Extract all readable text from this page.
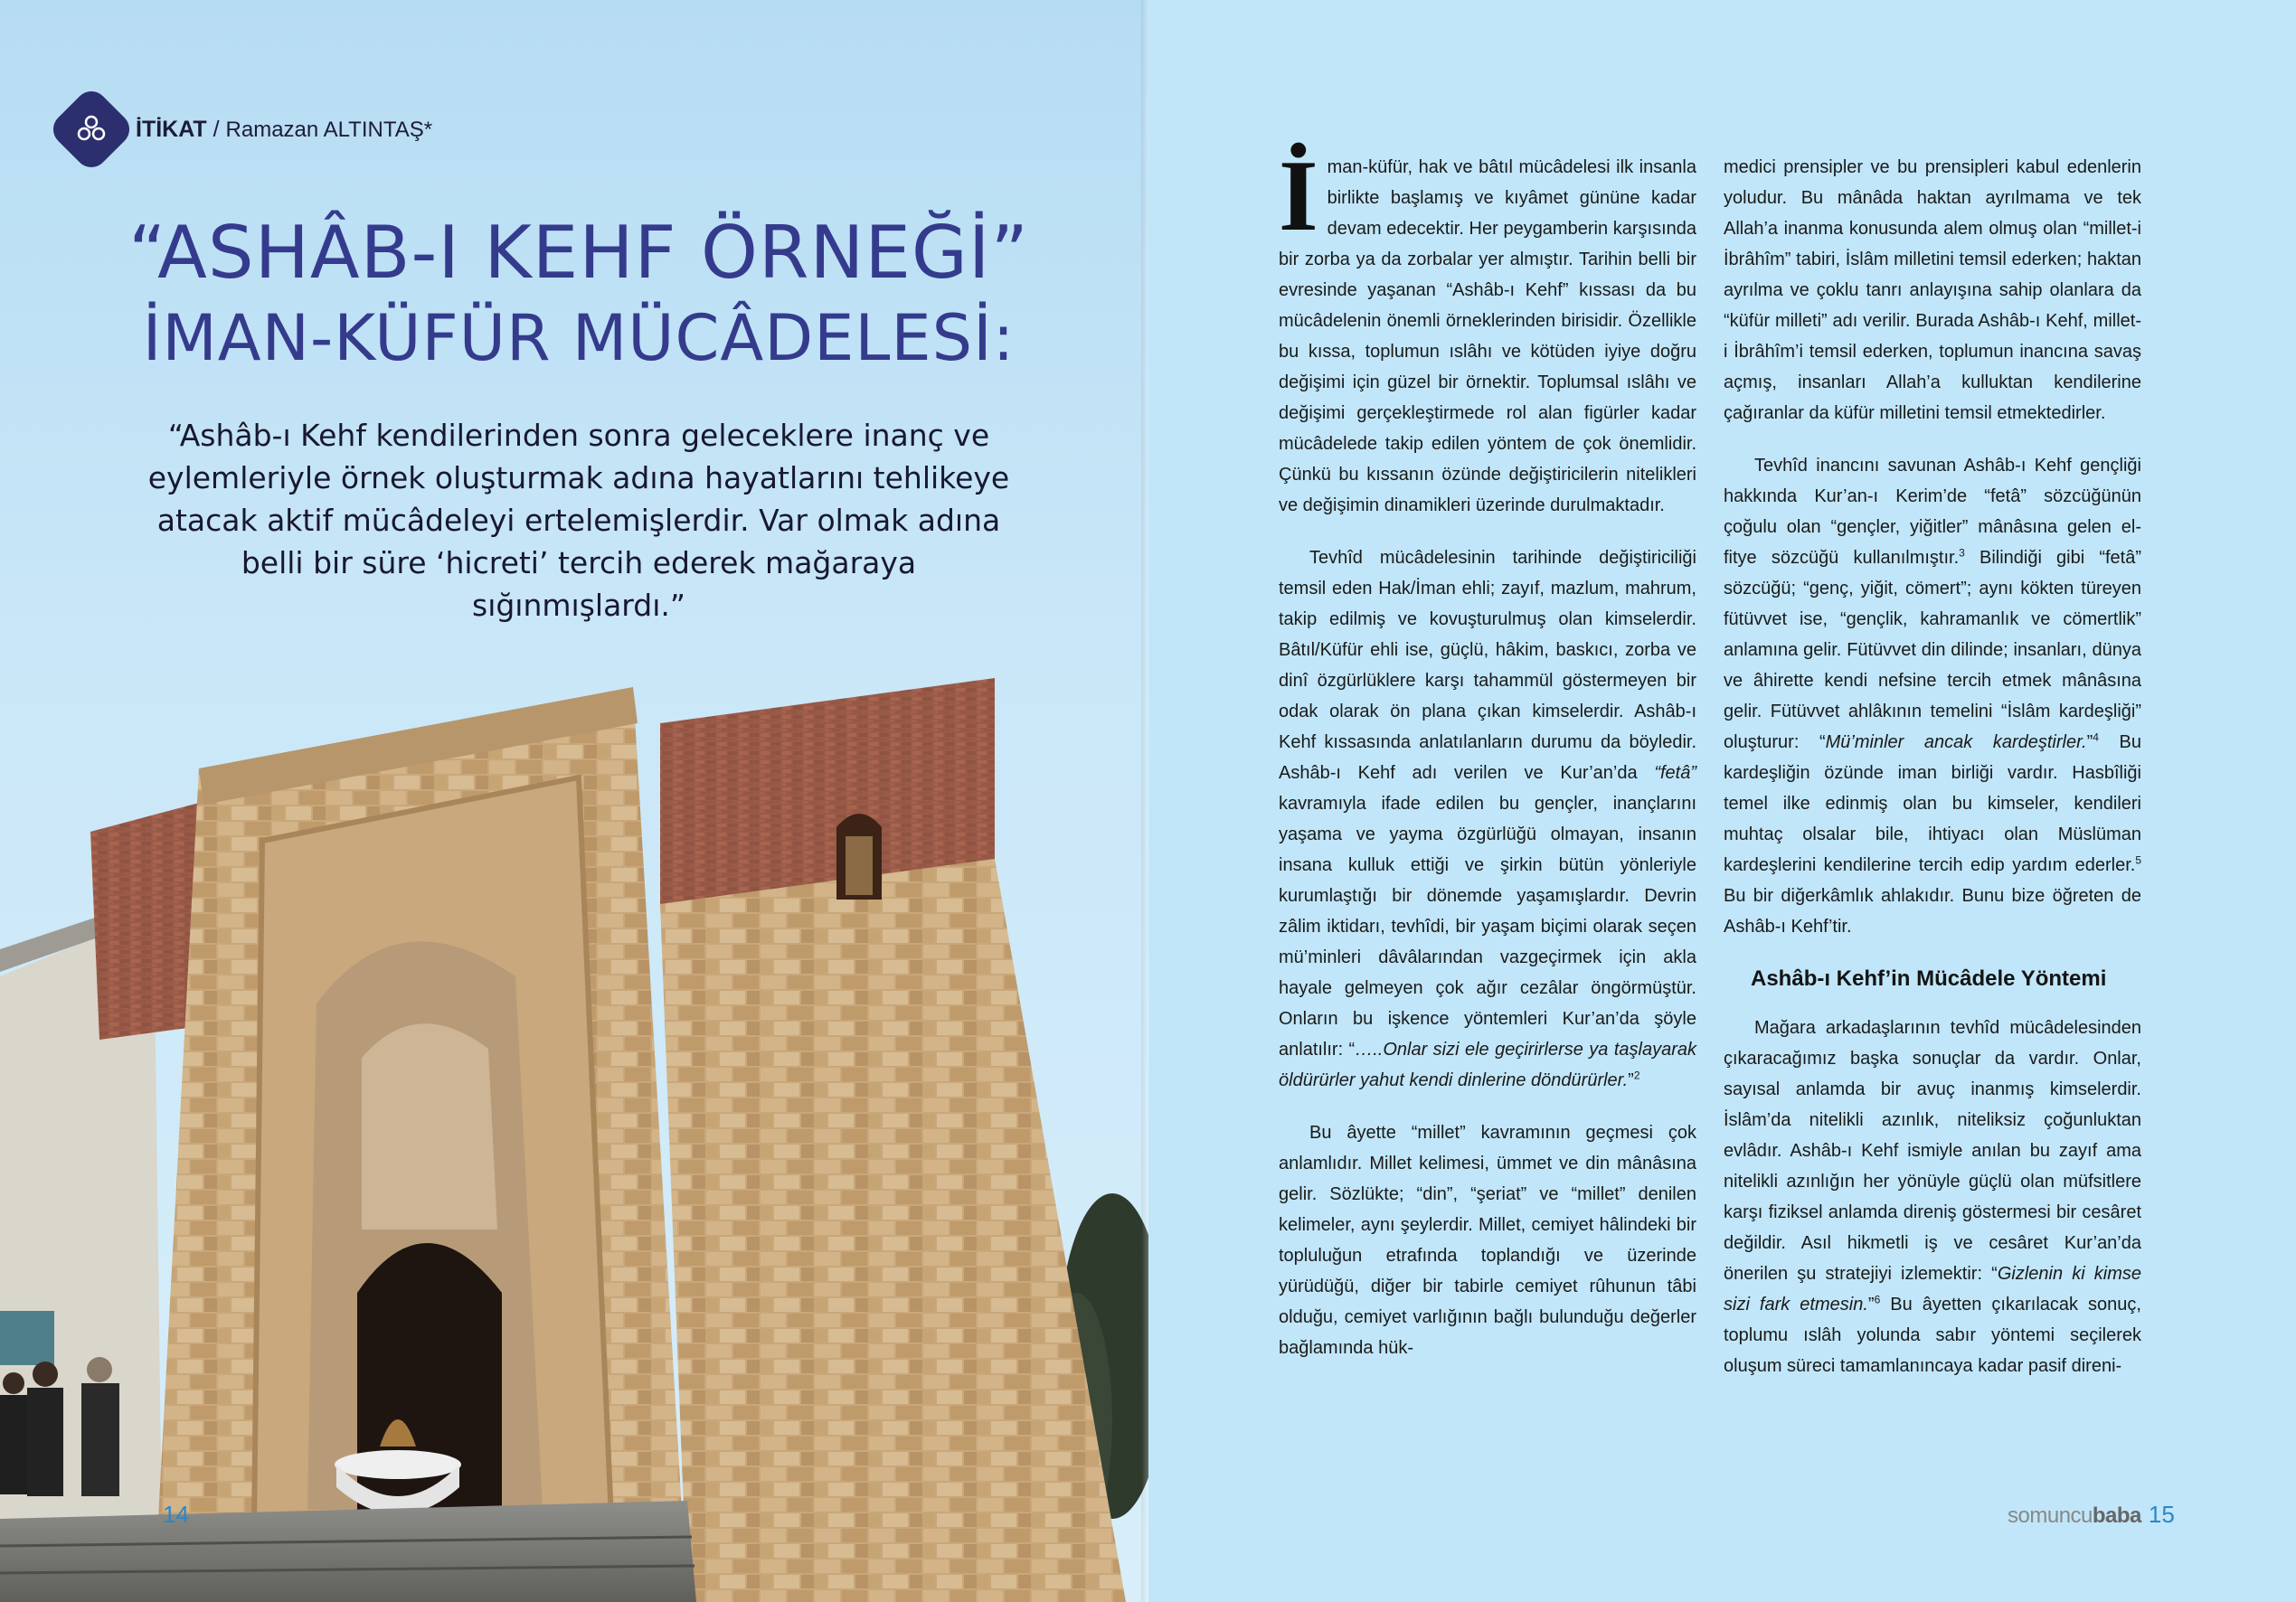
İTİKAT / Ramazan ALTINTAŞ*
“ASHÂB-I KEHF ÖRNEĞİ”
İMAN-KÜFÜR MÜCÂDELESİ:
“Ashâb-ı Kehf kendilerinden sonra geleceklere inanç ve eylemleriyle örnek oluşturmak adına hayatlarını tehlikeye atacak aktif mücâdeleyi ertelemişlerdir. Var olmak adına belli bir süre ‘hicreti’ tercih ederek mağaraya sığınmışlardı.”
14

İman-küfür, hak ve bâtıl mücâdelesi ilk insanla birlikte başlamış ve kıyâmet gününe kadar devam edecektir. Her peygamberin karşısında bir zorba ya da zorbalar yer almıştır. Tarihin belli bir evresinde yaşanan “Ashâb-ı Kehf” kıssası da bu mücâdelenin önemli örneklerinden birisidir. Özellikle bu kıssa, toplumun ıslâhı ve kötüden iyiye doğru değişimi için güzel bir örnektir. Toplumsal ıslâhı ve değişimi gerçekleştirmede rol alan figürler kadar mücâdelede takip edilen yöntem de çok önemlidir. Çünkü bu kıssanın özünde değiştiricilerin nitelikleri ve değişimin dinamikleri üzerinde durulmaktadır.

Tevhîd mücâdelesinin tarihinde değiştiriciliği temsil eden Hak/İman ehli; zayıf, mazlum, mahrum, takip edilmiş ve kovuşturulmuş olan kimselerdir. Bâtıl/Küfür ehli ise, güçlü, hâkim, baskıcı, zorba ve dinî özgürlüklere karşı tahammül göstermeyen bir odak olarak ön plana çıkan kimselerdir. Ashâb-ı Kehf kıssasında anlatılanların durumu da böyledir. Ashâb-ı Kehf adı verilen ve Kur’an’da “fetâ” kavramıyla ifade edilen bu gençler, inançlarını yaşama ve yayma özgürlüğü olmayan, insanın insana kulluk ettiği ve şirkin bütün yönleriyle kurumlaştığı bir dönemde yaşamışlardır. Devrin zâlim iktidarı, tevhîdi, bir yaşam biçimi olarak seçen mü’minleri dâvâlarından vazgeçirmek için akla hayale gelmeyen çok ağır cezâlar öngörmüştür. Onların bu işkence yöntemleri Kur’an’da şöyle anlatılır: “…..Onlar sizi ele geçirirlerse ya taşlayarak öldürürler yahut kendi dinlerine döndürürler.”$^2$

Bu âyette “millet” kavramının geçmesi çok anlamlıdır. Millet kelimesi, ümmet ve din mânâsına gelir. Sözlükte; “din”, “şeriat” ve “millet” denilen kelimeler, aynı şeylerdir. Millet, cemiyet hâlindeki bir topluluğun etrafında toplandığı ve üzerinde yürüdüğü, diğer bir tabirle cemiyet rûhunun tâbi olduğu, cemiyet varlığının bağlı bulunduğu değerler bağlamında hük-

medici prensipler ve bu prensipleri kabul edenlerin yoludur. Bu mânâda haktan ayrılmama ve tek Allah’a inanma konusunda alem olmuş olan “millet-i İbrâhîm” tabiri, İslâm milletini temsil ederken; haktan ayrılma ve çoklu tanrı anlayışına sahip olanlara da “küfür milleti” adı verilir. Burada Ashâb-ı Kehf, millet-i İbrâhîm’i temsil ederken, toplumun inancına savaş açmış, insanları Allah’a kulluktan kendilerine çağıranlar da küfür milletini temsil etmektedirler.

Tevhîd inancını savunan Ashâb-ı Kehf gençliği hakkında Kur’an-ı Kerim’de “fetâ” sözcüğünün çoğulu olan “gençler, yiğitler” mânâsına gelen el-fitye sözcüğü kullanılmıştır.$^3$ Bilindiği gibi “fetâ” sözcüğü; “genç, yiğit, cömert”; aynı kökten türeyen fütüvvet ise, “gençlik, kahramanlık ve cömertlik” anlamına gelir. Fütüvvet din dilinde; insanları, dünya ve âhirette kendi nefsine tercih etmek mânâsına gelir. Fütüvvet ahlâkının temelini “İslâm kardeşliği” oluşturur: “Mü’minler ancak kardeştirler.”$^4$ Bu kardeşliğin özünde iman birliği vardır. Hasbîliği temel ilke edinmiş olan bu kimseler, kendileri muhtaç olsalar bile, ihtiyacı olan Müslüman kardeşlerini kendilerine tercih edip yardım ederler.$^5$ Bu bir diğerkâmlık ahlakıdır. Bunu bize öğreten de Ashâb-ı Kehf’tir.

Ashâb-ı Kehf’in Mücâdele Yöntemi

Mağara arkadaşlarının tevhîd mücâdelesinden çıkaracağımız başka sonuçlar da vardır. Onlar, sayısal anlamda bir avuç inanmış kimselerdir. İslâm’da nitelikli azınlık, niteliksiz çoğunluktan evlâdır. Ashâb-ı Kehf ismiyle anılan bu zayıf ama nitelikli azınlığın her yönüyle güçlü olan müfsitlere karşı fiziksel anlamda direniş göstermesi bir cesâret değildir. Asıl hikmetli iş ve cesâret Kur’an’da önerilen şu stratejiyi izlemektir: “Gizlenin ki kimse sizi fark etmesin.”$^6$ Bu âyetten çıkarılacak sonuç, toplumu ıslâh yolunda sabır yöntemi seçilerek oluşum süreci tamamlanıncaya kadar pasif direni-

somuncubaba 15
